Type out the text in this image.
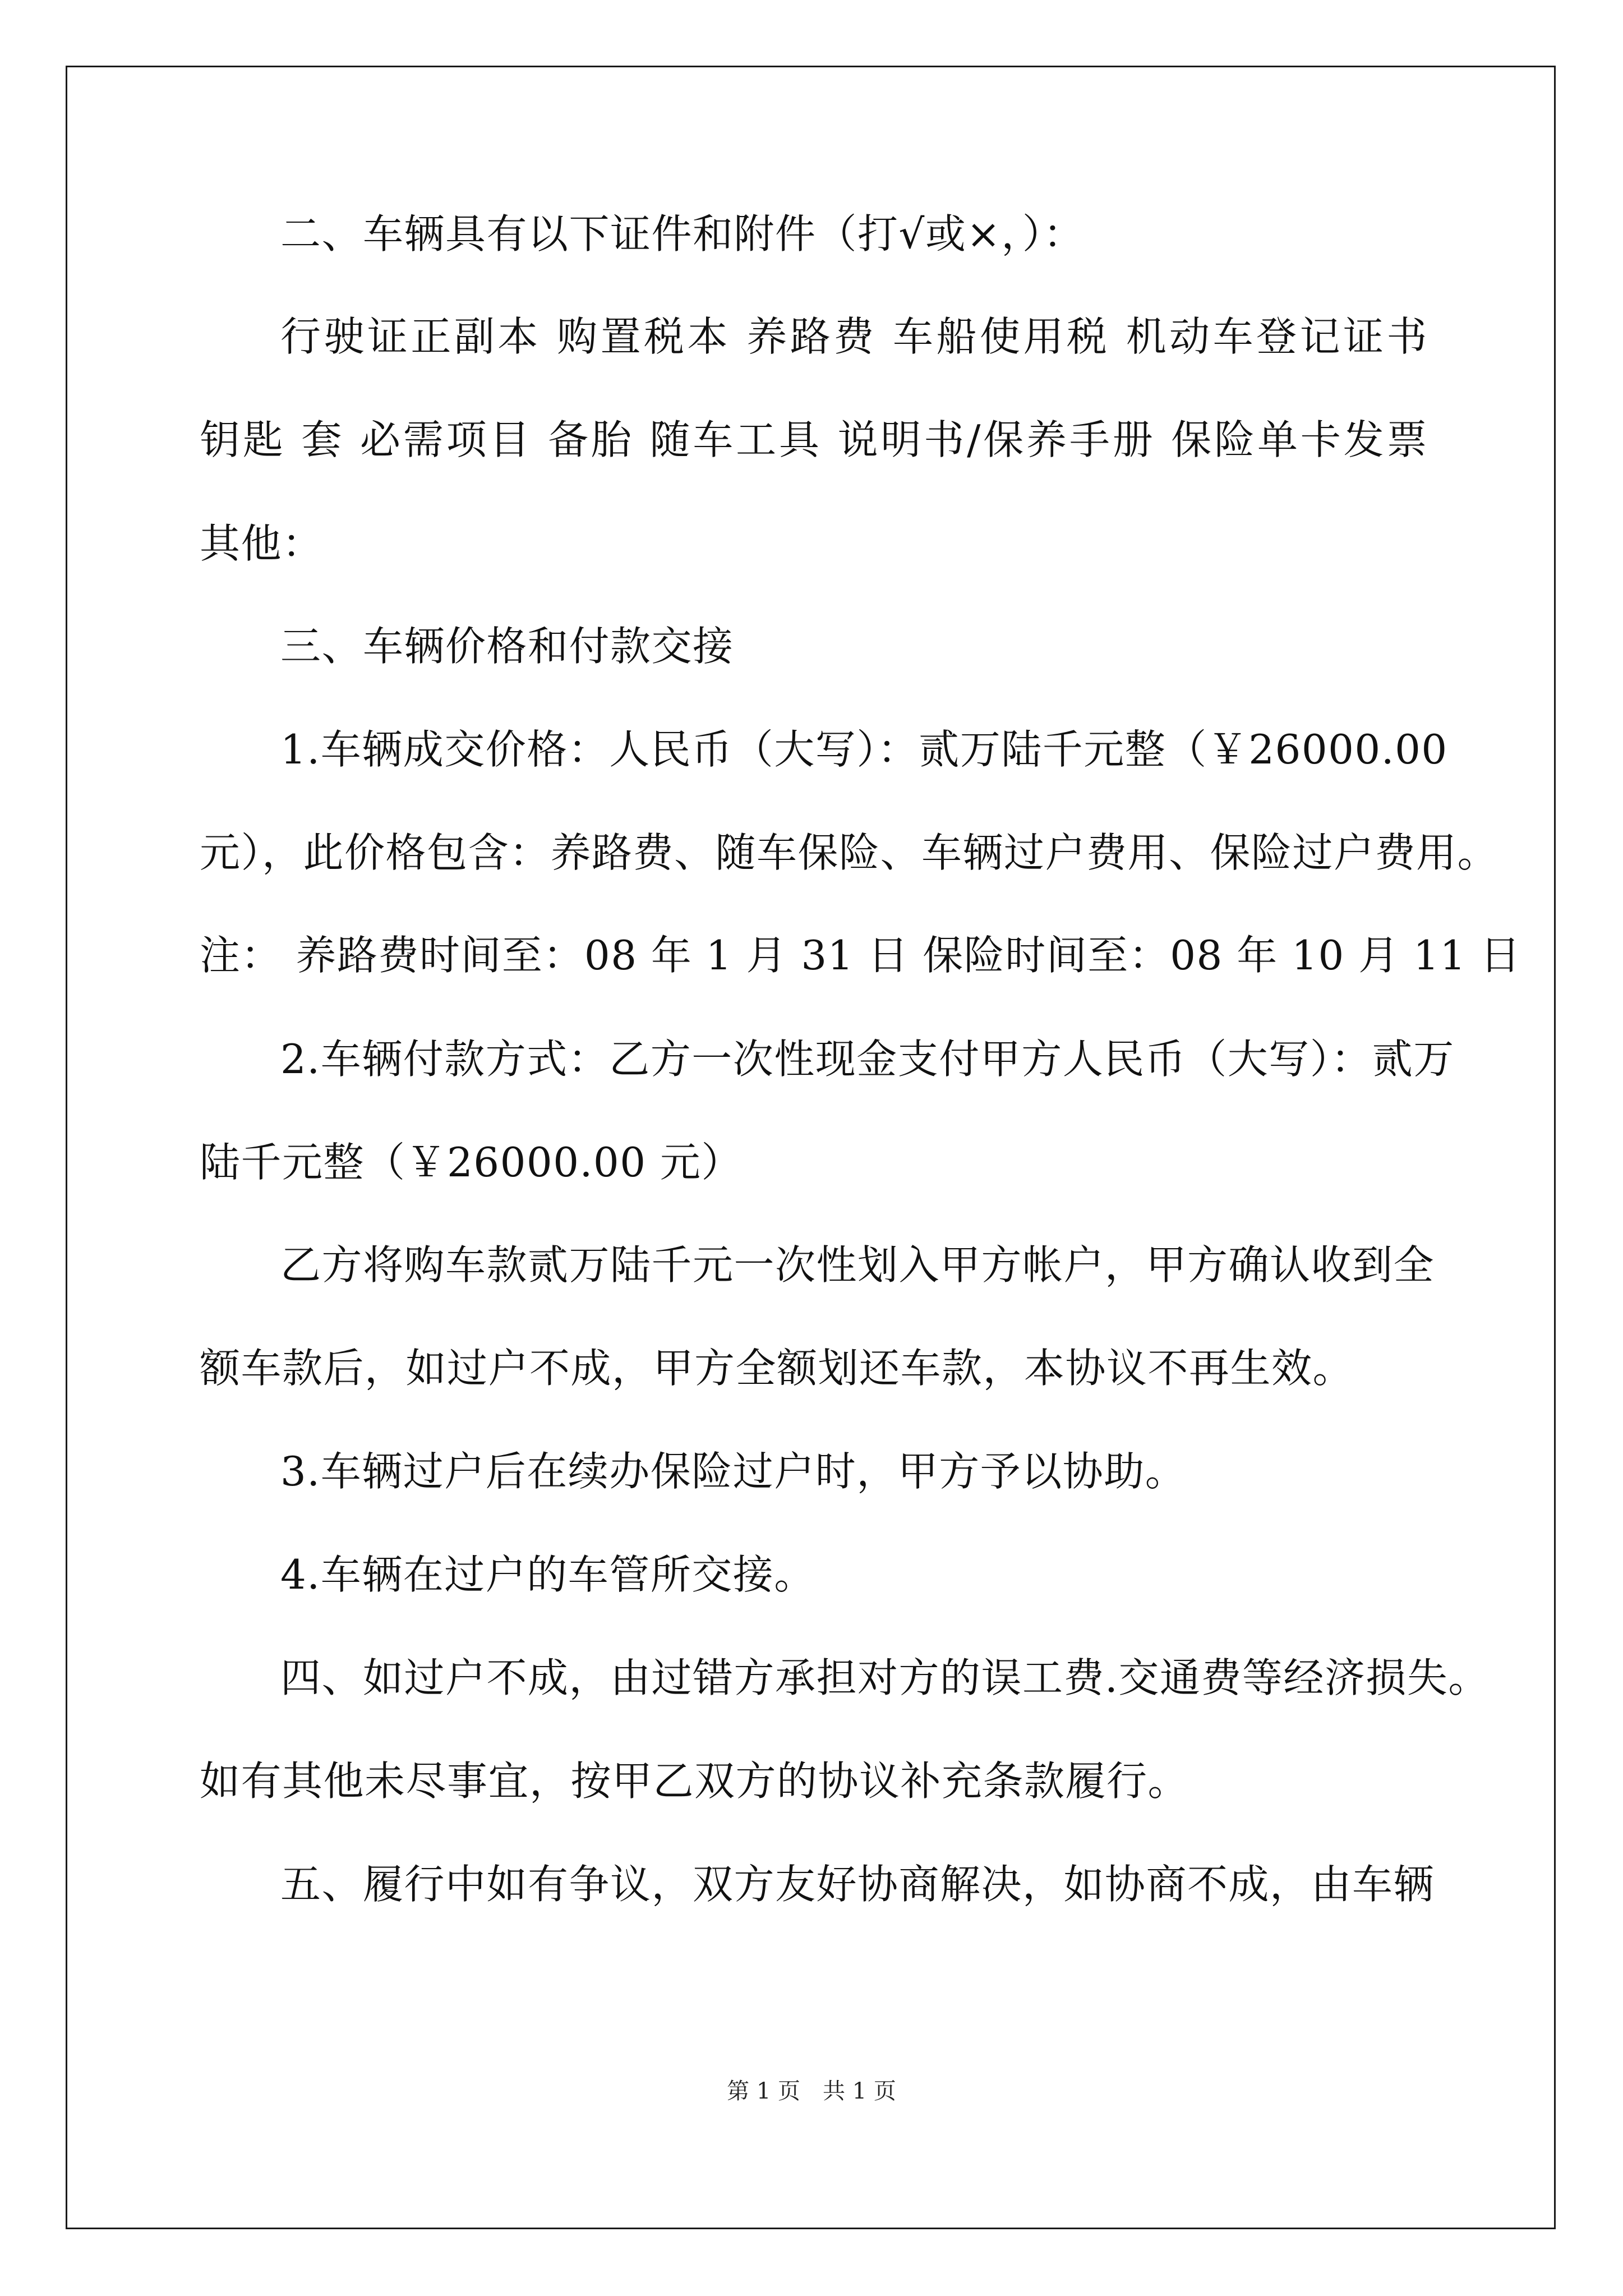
二、车辆具有以下证件和附件（打√或×，）：
行驶证正副本 购置税本 养路费 车船使用税 机动车登记证书
钥匙 套 必需项目 备胎 随车工具 说明书/保养手册 保险单卡发票
其他：
三、车辆价格和付款交接
1.车辆成交价格：人民币（大写）：贰万陆千元整（￥26000.00
元），此价格包含：养路费、随车保险、车辆过户费用、保险过户费用。
注： 养路费时间至：08 年 1 月 31 日 保险时间至：08 年 10 月 11 日
2.车辆付款方式：乙方一次性现金支付甲方人民币（大写）：贰万
陆千元整（￥26000.00 元）
乙方将购车款贰万陆千元一次性划入甲方帐户，甲方确认收到全
额车款后，如过户不成，甲方全额划还车款，本协议不再生效。
3.车辆过户后在续办保险过户时，甲方予以协助。
4.车辆在过户的车管所交接。
四、如过户不成，由过错方承担对方的误工费.交通费等经济损失。
如有其他未尽事宜，按甲乙双方的协议补充条款履行。
五、履行中如有争议，双方友好协商解决，如协商不成，由车辆
第 1 页　共 1 页
